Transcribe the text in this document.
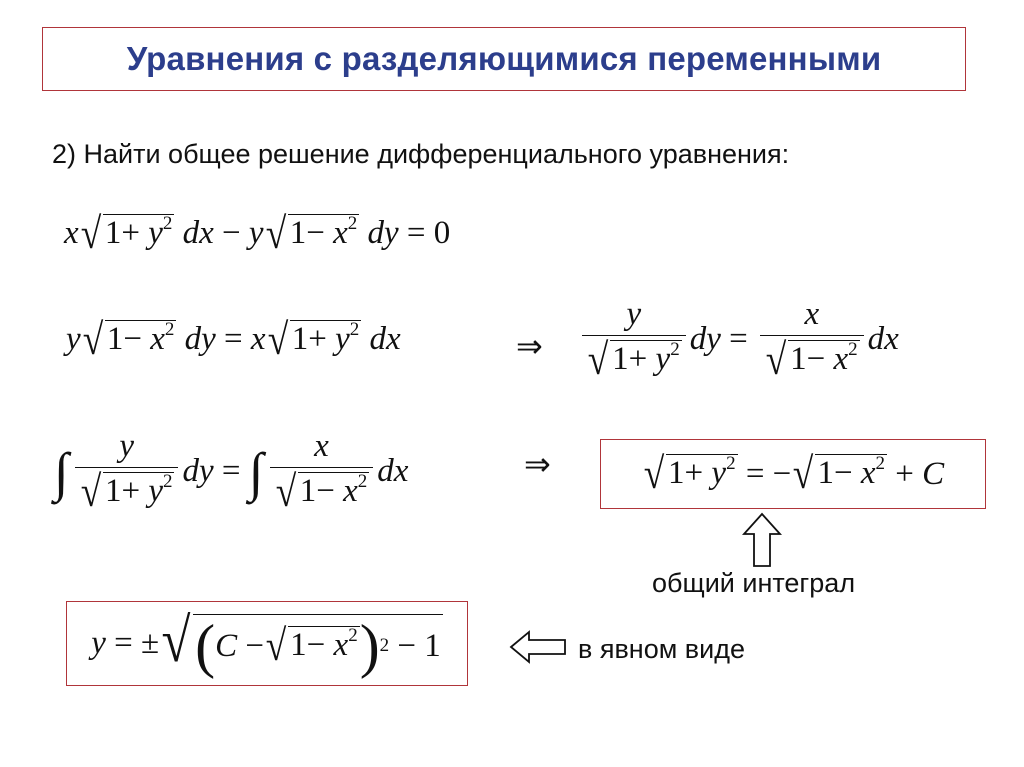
Уравнения с разделяющимися переменными
2) Найти общее решение дифференциального уравнения:
x √ $1+ y^2$ dx − y √ $1- x^2$ dy = 0
y √ $1- x^2$ dy = x √ $1+ y^2$ dx	⇒ $\frac{y}{√ 1+ y^2}$ dy = $\frac{x}{√ 1- x^2}$ dx
∫ $\frac{y}{√ 1+ y^2}$ dy = ∫ $\frac{x}{√ 1- x^2}$ dx	⇒ √ $1+ y^2$ = − √ $1- x^2 + C$
общий интеграл
y = ± √ ( C − √ $1- x^2$ ) 2 − 1	в явном виде
